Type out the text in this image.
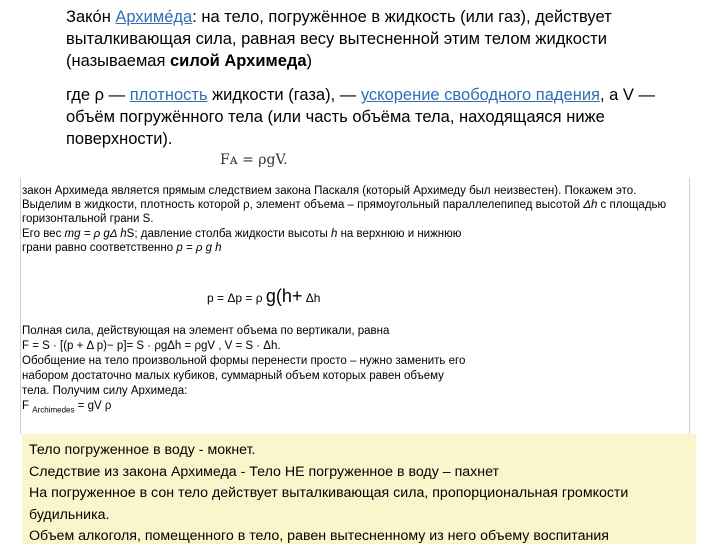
Зако́н Архиме́да: на тело, погружённое в жидкость (или газ), действует выталкивающая сила, равная весу вытесненной этим телом жидкости (называемая силой Архимеда)

где ρ — плотность жидкости (газа), — ускорение свободного падения, а V — объём погружённого тела (или часть объёма тела, находящаяся ниже поверхности).

Fᴀ = ρgV.

закон Архимеда является прямым следствием закона Паскаля (который Архимеду был неизвестен). Покажем это.

Выделим в жидкости, плотность которой ρ, элемент объема – прямоугольный параллелепипед высотой Δh с площадью горизонтальной грани S.

Его вес mg = ρ gΔ hS; давление столба жидкости высоты h на верхнюю и нижнюю

грани равно соответственно p = ρ g h

p = Δp = ρ g(h+ Δh

Полная сила, действующая на элемент объема по вертикали, равна

F = S · [(p + Δ p)− p]= S · ρgΔh = ρgV , V = S · Δh.

Обобщение на тело произвольной формы перенести просто – нужно заменить его

набором достаточно малых кубиков, суммарный объем которых равен объему

тела. Получим силу Архимеда:

F $_{Archimedes}$ = gV ρ

Тело погруженное в воду - мокнет.

Следствие из закона Архимеда - Тело НЕ погруженное в воду – пахнет

На погруженное в сон тело действует выталкивающая сила, пропорциональная громкости будильника.

Объем алкоголя, помещенного в тело, равен вытесненному из него объему воспитания
